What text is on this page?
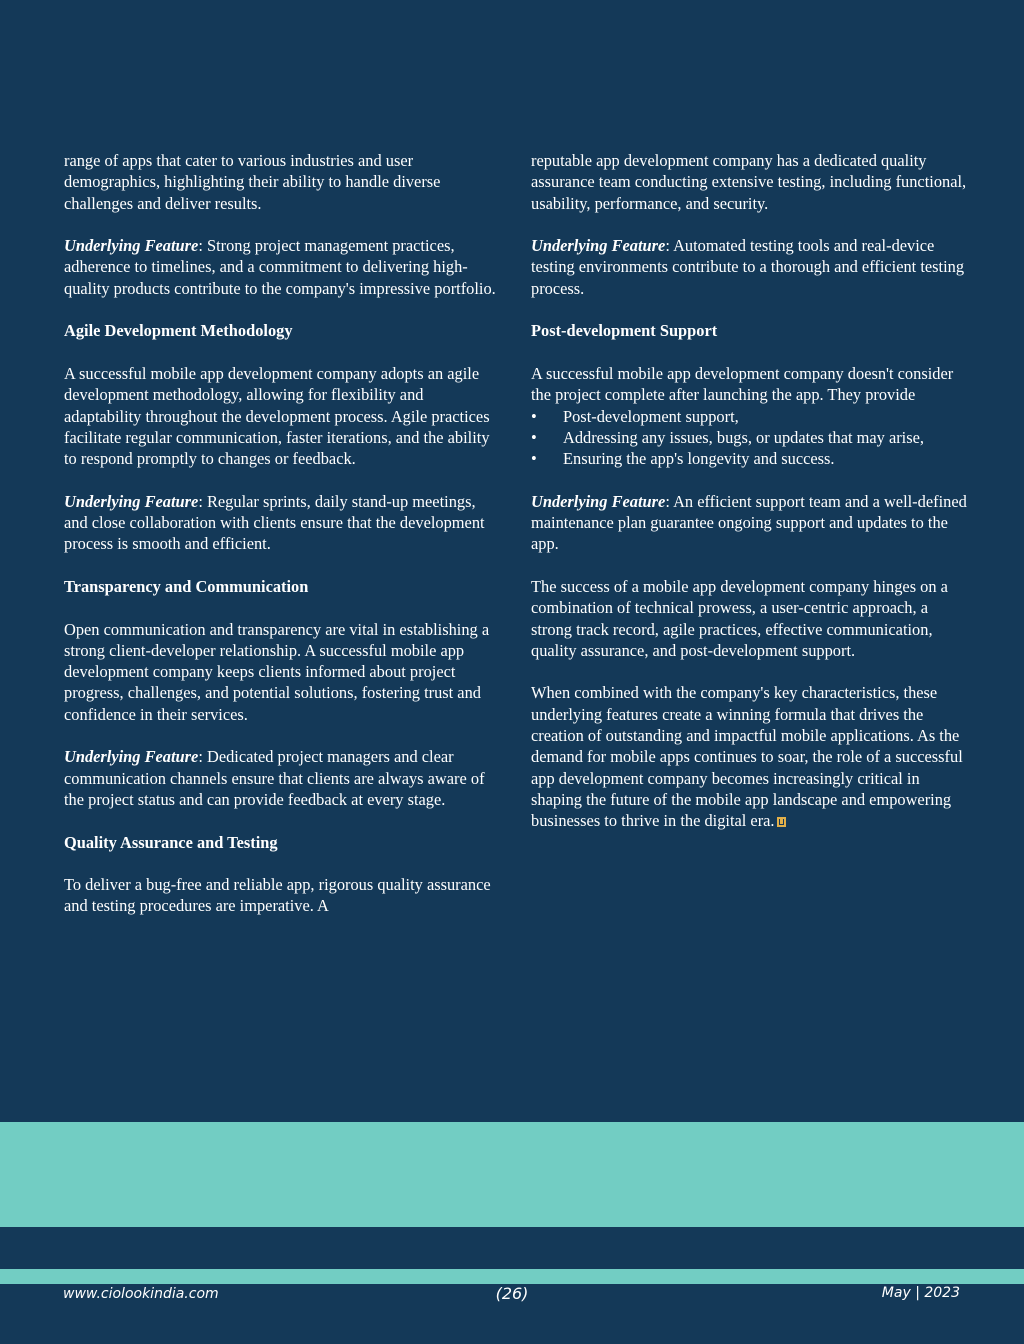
range of apps that cater to various industries and user demographics, highlighting their ability to handle diverse challenges and deliver results.

Underlying Feature: Strong project management practices, adherence to timelines, and a commitment to delivering high-quality products contribute to the company's impressive portfolio.

Agile Development Methodology

A successful mobile app development company adopts an agile development methodology, allowing for flexibility and adaptability throughout the development process. Agile practices facilitate regular communication, faster iterations, and the ability to respond promptly to changes or feedback.

Underlying Feature: Regular sprints, daily stand-up meetings, and close collaboration with clients ensure that the development process is smooth and efficient.

Transparency and Communication

Open communication and transparency are vital in establishing a strong client-developer relationship. A successful mobile app development company keeps clients informed about project progress, challenges, and potential solutions, fostering trust and confidence in their services.

Underlying Feature: Dedicated project managers and clear communication channels ensure that clients are always aware of the project status and can provide feedback at every stage.

Quality Assurance and Testing

To deliver a bug-free and reliable app, rigorous quality assurance and testing procedures are imperative. A

reputable app development company has a dedicated quality assurance team conducting extensive testing, including functional, usability, performance, and security.

Underlying Feature: Automated testing tools and real-device testing environments contribute to a thorough and efficient testing process.

Post-development Support

A successful mobile app development company doesn't consider the project complete after launching the app. They provide

• Post-development support,
• Addressing any issues, bugs, or updates that may arise,
• Ensuring the app's longevity and success.

Underlying Feature: An efficient support team and a well-defined maintenance plan guarantee ongoing support and updates to the app.

The success of a mobile app development company hinges on a combination of technical prowess, a user-centric approach, a strong track record, agile practices, effective communication, quality assurance, and post-development support.

When combined with the company's key characteristics, these underlying features create a winning formula that drives the creation of outstanding and impactful mobile applications. As the demand for mobile apps continues to soar, the role of a successful app development company becomes increasingly critical in shaping the future of the mobile app landscape and empowering businesses to thrive in the digital era.

www.ciolookindia.com	(26)	May | 2023
